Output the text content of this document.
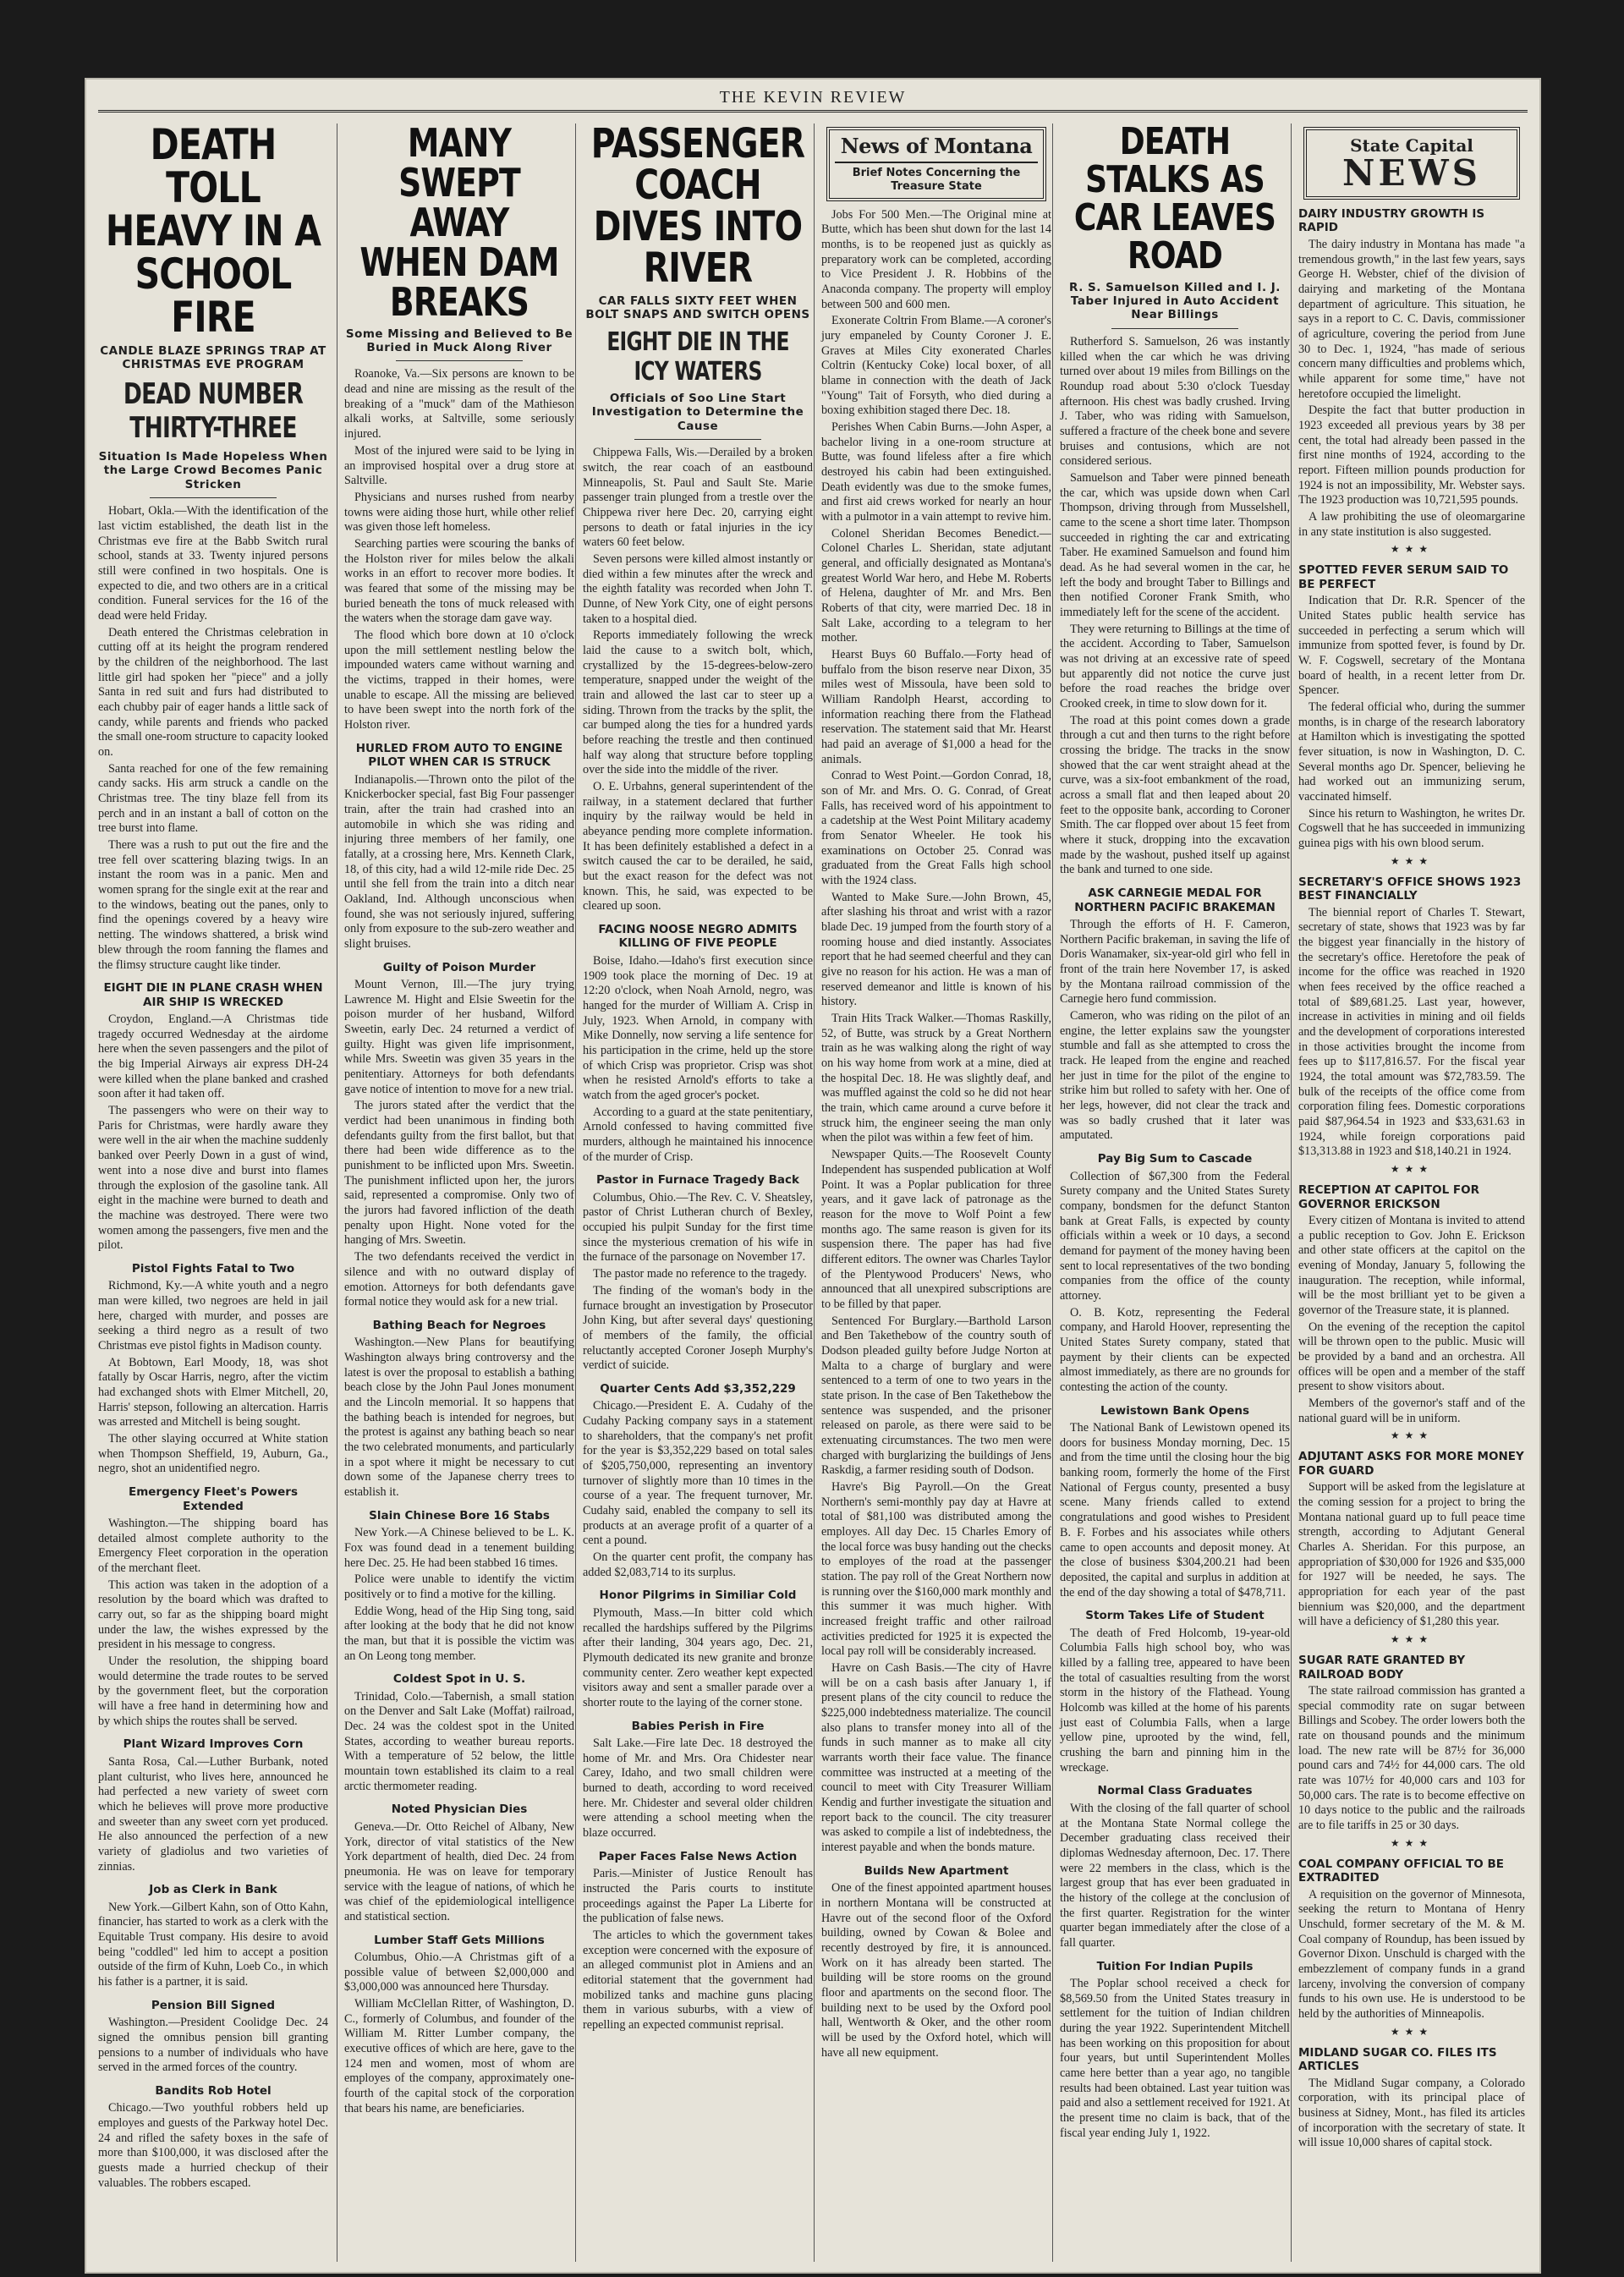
THE KEVIN REVIEW
DEATH TOLL HEAVY IN A SCHOOL FIRE
CANDLE BLAZE SPRINGS TRAP AT CHRISTMAS EVE PROGRAM
DEAD NUMBER THIRTY-THREE
Situation Is Made Hopeless When the Large Crowd Becomes Panic Stricken

Hobart, Okla.—With the identification of the last victim established, the death list in the Christmas eve fire at the Babb Switch rural school, stands at 33. Twenty injured persons still were confined in two hospitals. One is expected to die, and two others are in a critical condition. Funeral services for the 16 of the dead were held Friday.

Death entered the Christmas celebration in cutting off at its height the program rendered by the children of the neighborhood. The last little girl had spoken her "piece" and a jolly Santa in red suit and furs had distributed to each chubby pair of eager hands a little sack of candy, while parents and friends who packed the small one-room structure to capacity looked on.

Santa reached for one of the few remaining candy sacks. His arm struck a candle on the Christmas tree. The tiny blaze fell from its perch and in an instant a ball of cotton on the tree burst into flame.

There was a rush to put out the fire and the tree fell over scattering blazing twigs. In an instant the room was in a panic. Men and women sprang for the single exit at the rear and to the windows, beating out the panes, only to find the openings covered by a heavy wire netting. The windows shattered, a brisk wind blew through the room fanning the flames and the flimsy structure caught like tinder.

EIGHT DIE IN PLANE CRASH WHEN AIR SHIP IS WRECKED

Croydon, England.—A Christmas tide tragedy occurred Wednesday at the airdome here when the seven passengers and the pilot of the big Imperial Airways air express DH-24 were killed when the plane banked and crashed soon after it had taken off.

The passengers who were on their way to Paris for Christmas, were hardly aware they were well in the air when the machine suddenly banked over Peerly Down in a gust of wind, went into a nose dive and burst into flames through the explosion of the gasoline tank. All eight in the machine were burned to death and the machine was destroyed. There were two women among the passengers, five men and the pilot.

Pistol Fights Fatal to Two

Richmond, Ky.—A white youth and a negro man were killed, two negroes are held in jail here, charged with murder, and posses are seeking a third negro as a result of two Christmas eve pistol fights in Madison county.

At Bobtown, Earl Moody, 18, was shot fatally by Oscar Harris, negro, after the victim had exchanged shots with Elmer Mitchell, 20, Harris' stepson, following an altercation. Harris was arrested and Mitchell is being sought.

The other slaying occurred at White station when Thompson Sheffield, 19, Auburn, Ga., negro, shot an unidentified negro.

Emergency Fleet's Powers Extended

Washington.—The shipping board has detailed almost complete authority to the Emergency Fleet corporation in the operation of the merchant fleet.

This action was taken in the adoption of a resolution by the board which was drafted to carry out, so far as the shipping board might under the law, the wishes expressed by the president in his message to congress.

Under the resolution, the shipping board would determine the trade routes to be served by the government fleet, but the corporation will have a free hand in determining how and by which ships the routes shall be served.

Plant Wizard Improves Corn

Santa Rosa, Cal.—Luther Burbank, noted plant culturist, who lives here, announced he had perfected a new variety of sweet corn which he believes will prove more productive and sweeter than any sweet corn yet produced. He also announced the perfection of a new variety of gladiolus and two varieties of zinnias.

Job as Clerk in Bank

New York.—Gilbert Kahn, son of Otto Kahn, financier, has started to work as a clerk with the Equitable Trust company. His desire to avoid being "coddled" led him to accept a position outside of the firm of Kuhn, Loeb Co., in which his father is a partner, it is said.

Pension Bill Signed

Washington.—President Coolidge Dec. 24 signed the omnibus pension bill granting pensions to a number of individuals who have served in the armed forces of the country.

Bandits Rob Hotel

Chicago.—Two youthful robbers held up employes and guests of the Parkway hotel Dec. 24 and rifled the safety boxes in the safe of more than $100,000, it was disclosed after the guests made a hurried checkup of their valuables. The robbers escaped.

MANY SWEPT AWAY WHEN DAM BREAKS
Some Missing and Believed to Be Buried in Muck Along River

Roanoke, Va.—Six persons are known to be dead and nine are missing as the result of the breaking of a "muck" dam of the Mathieson alkali works, at Saltville, some seriously injured.

Most of the injured were said to be lying in an improvised hospital over a drug store at Saltville.

Physicians and nurses rushed from nearby towns were aiding those hurt, while other relief was given those left homeless.

Searching parties were scouring the banks of the Holston river for miles below the alkali works in an effort to recover more bodies. It was feared that some of the missing may be buried beneath the tons of muck released with the waters when the storage dam gave way.

The flood which bore down at 10 o'clock upon the mill settlement nestling below the impounded waters came without warning and the victims, trapped in their homes, were unable to escape. All the missing are believed to have been swept into the north fork of the Holston river.

HURLED FROM AUTO TO ENGINE PILOT WHEN CAR IS STRUCK

Indianapolis.—Thrown onto the pilot of the Knickerbocker special, fast Big Four passenger train, after the train had crashed into an automobile in which she was riding and injuring three members of her family, one fatally, at a crossing here, Mrs. Kenneth Clark, 18, of this city, had a wild 12-mile ride Dec. 25 until she fell from the train into a ditch near Oakland, Ind. Although unconscious when found, she was not seriously injured, suffering only from exposure to the sub-zero weather and slight bruises.

Guilty of Poison Murder

Mount Vernon, Ill.—The jury trying Lawrence M. Hight and Elsie Sweetin for the poison murder of her husband, Wilford Sweetin, early Dec. 24 returned a verdict of guilty. Hight was given life imprisonment, while Mrs. Sweetin was given 35 years in the penitentiary. Attorneys for both defendants gave notice of intention to move for a new trial.

The jurors stated after the verdict that the verdict had been unanimous in finding both defendants guilty from the first ballot, but that there had been wide difference as to the punishment to be inflicted upon Mrs. Sweetin. The punishment inflicted upon her, the jurors said, represented a compromise. Only two of the jurors had favored infliction of the death penalty upon Hight. None voted for the hanging of Mrs. Sweetin.

The two defendants received the verdict in silence and with no outward display of emotion. Attorneys for both defendants gave formal notice they would ask for a new trial.

Bathing Beach for Negroes

Washington.—New Plans for beautifying Washington always bring controversy and the latest is over the proposal to establish a bathing beach close by the John Paul Jones monument and the Lincoln memorial. It so happens that the bathing beach is intended for negroes, but the protest is against any bathing beach so near the two celebrated monuments, and particularly in a spot where it might be necessary to cut down some of the Japanese cherry trees to establish it.

Slain Chinese Bore 16 Stabs

New York.—A Chinese believed to be L. K. Fox was found dead in a tenement building here Dec. 25. He had been stabbed 16 times.

Police were unable to identify the victim positively or to find a motive for the killing.

Eddie Wong, head of the Hip Sing tong, said after looking at the body that he did not know the man, but that it is possible the victim was an On Leong tong member.

Coldest Spot in U. S.

Trinidad, Colo.—Tabernish, a small station on the Denver and Salt Lake (Moffat) railroad, Dec. 24 was the coldest spot in the United States, according to weather bureau reports. With a temperature of 52 below, the little mountain town established its claim to a real arctic thermometer reading.

Noted Physician Dies

Geneva.—Dr. Otto Reichel of Albany, New York, director of vital statistics of the New York department of health, died Dec. 24 from pneumonia. He was on leave for temporary service with the league of nations, of which he was chief of the epidemiological intelligence and statistical section.

Lumber Staff Gets Millions

Columbus, Ohio.—A Christmas gift of a possible value of between $2,000,000 and $3,000,000 was announced here Thursday.

William McClellan Ritter, of Washington, D. C., formerly of Columbus, and founder of the William M. Ritter Lumber company, the executive offices of which are here, gave to the 124 men and women, most of whom are employes of the company, approximately one-fourth of the capital stock of the corporation that bears his name, are beneficiaries.

PASSENGER COACH DIVES INTO RIVER
CAR FALLS SIXTY FEET WHEN BOLT SNAPS AND SWITCH OPENS
EIGHT DIE IN THE ICY WATERS
Officials of Soo Line Start Investigation to Determine the Cause

Chippewa Falls, Wis.—Derailed by a broken switch, the rear coach of an eastbound Minneapolis, St. Paul and Sault Ste. Marie passenger train plunged from a trestle over the Chippewa river here Dec. 20, carrying eight persons to death or fatal injuries in the icy waters 60 feet below.

Seven persons were killed almost instantly or died within a few minutes after the wreck and the eighth fatality was recorded when John T. Dunne, of New York City, one of eight persons taken to a hospital died.

Reports immediately following the wreck laid the cause to a switch bolt, which, crystallized by the 15-degrees-below-zero temperature, snapped under the weight of the train and allowed the last car to steer up a siding. Thrown from the tracks by the split, the car bumped along the ties for a hundred yards before reaching the trestle and then continued half way along that structure before toppling over the side into the middle of the river.

O. E. Urbahns, general superintendent of the railway, in a statement declared that further inquiry by the railway would be held in abeyance pending more complete information. It has been definitely established a defect in a switch caused the car to be derailed, he said, but the exact reason for the defect was not known. This, he said, was expected to be cleared up soon.

FACING NOOSE NEGRO ADMITS KILLING OF FIVE PEOPLE

Boise, Idaho.—Idaho's first execution since 1909 took place the morning of Dec. 19 at 12:20 o'clock, when Noah Arnold, negro, was hanged for the murder of William A. Crisp in July, 1923. When Arnold, in company with Mike Donnelly, now serving a life sentence for his participation in the crime, held up the store of which Crisp was proprietor. Crisp was shot when he resisted Arnold's efforts to take a watch from the aged grocer's pocket.

According to a guard at the state penitentiary, Arnold confessed to having committed five murders, although he maintained his innocence of the murder of Crisp.

Pastor in Furnace Tragedy Back

Columbus, Ohio.—The Rev. C. V. Sheatsley, pastor of Christ Lutheran church of Bexley, occupied his pulpit Sunday for the first time since the mysterious cremation of his wife in the furnace of the parsonage on November 17.

The pastor made no reference to the tragedy.

The finding of the woman's body in the furnace brought an investigation by Prosecutor John King, but after several days' questioning of members of the family, the official reluctantly accepted Coroner Joseph Murphy's verdict of suicide.

Quarter Cents Add $3,352,229

Chicago.—President E. A. Cudahy of the Cudahy Packing company says in a statement to shareholders, that the company's net profit for the year is $3,352,229 based on total sales of $205,750,000, representing an inventory turnover of slightly more than 10 times in the course of a year. The frequent turnover, Mr. Cudahy said, enabled the company to sell its products at an average profit of a quarter of a cent a pound.

On the quarter cent profit, the company has added $2,083,714 to its surplus.

Honor Pilgrims in Similiar Cold

Plymouth, Mass.—In bitter cold which recalled the hardships suffered by the Pilgrims after their landing, 304 years ago, Dec. 21, Plymouth dedicated its new granite and bronze community center. Zero weather kept expected visitors away and sent a smaller parade over a shorter route to the laying of the corner stone.

Babies Perish in Fire

Salt Lake.—Fire late Dec. 18 destroyed the home of Mr. and Mrs. Ora Chidester near Carey, Idaho, and two small children were burned to death, according to word received here. Mr. Chidester and several older children were attending a school meeting when the blaze occurred.

Paper Faces False News Action

Paris.—Minister of Justice Renoult has instructed the Paris courts to institute proceedings against the Paper La Liberte for the publication of false news.

The articles to which the government takes exception were concerned with the exposure of an alleged communist plot in Amiens and an editorial statement that the government had mobilized tanks and machine guns placing them in various suburbs, with a view of repelling an expected communist reprisal.

News of Montana
Brief Notes Concerning the Treasure State

Jobs For 500 Men.—The Original mine at Butte, which has been shut down for the last 14 months, is to be reopened just as quickly as preparatory work can be completed, according to Vice President J. R. Hobbins of the Anaconda company. The property will employ between 500 and 600 men.

Exonerate Coltrin From Blame.—A coroner's jury empaneled by County Coroner J. E. Graves at Miles City exonerated Charles Coltrin (Kentucky Coke) local boxer, of all blame in connection with the death of Jack "Young" Tait of Forsyth, who died during a boxing exhibition staged there Dec. 18.

Perishes When Cabin Burns.—John Asper, a bachelor living in a one-room structure at Butte, was found lifeless after a fire which destroyed his cabin had been extinguished. Death evidently was due to the smoke fumes, and first aid crews worked for nearly an hour with a pulmotor in a vain attempt to revive him.

Colonel Sheridan Becomes Benedict.—Colonel Charles L. Sheridan, state adjutant general, and officially designated as Montana's greatest World War hero, and Hebe M. Roberts of Helena, daughter of Mr. and Mrs. Ben Roberts of that city, were married Dec. 18 in Salt Lake, according to a telegram to her mother.

Hearst Buys 60 Buffalo.—Forty head of buffalo from the bison reserve near Dixon, 35 miles west of Missoula, have been sold to William Randolph Hearst, according to information reaching there from the Flathead reservation. The statement said that Mr. Hearst had paid an average of $1,000 a head for the animals.

Conrad to West Point.—Gordon Conrad, 18, son of Mr. and Mrs. O. G. Conrad, of Great Falls, has received word of his appointment to a cadetship at the West Point Military academy from Senator Wheeler. He took his examinations on October 25. Conrad was graduated from the Great Falls high school with the 1924 class.

Wanted to Make Sure.—John Brown, 45, after slashing his throat and wrist with a razor blade Dec. 19 jumped from the fourth story of a rooming house and died instantly. Associates report that he had seemed cheerful and they can give no reason for his action. He was a man of reserved demeanor and little is known of his history.

Train Hits Track Walker.—Thomas Raskilly, 52, of Butte, was struck by a Great Northern train as he was walking along the right of way on his way home from work at a mine, died at the hospital Dec. 18. He was slightly deaf, and was muffled against the cold so he did not hear the train, which came around a curve before it struck him, the engineer seeing the man only when the pilot was within a few feet of him.

Newspaper Quits.—The Roosevelt County Independent has suspended publication at Wolf Point. It was a Poplar publication for three years, and it gave lack of patronage as the reason for the move to Wolf Point a few months ago. The same reason is given for its suspension there. The paper has had five different editors. The owner was Charles Taylor of the Plentywood Producers' News, who announced that all unexpired subscriptions are to be filled by that paper.

Sentenced For Burglary.—Barthold Larson and Ben Takethebow of the country south of Dodson pleaded guilty before Judge Norton at Malta to a charge of burglary and were sentenced to a term of one to two years in the state prison. In the case of Ben Takethebow the sentence was suspended, and the prisoner released on parole, as there were said to be extenuating circumstances. The two men were charged with burglarizing the buildings of Jens Raskdig, a farmer residing south of Dodson.

Havre's Big Payroll.—On the Great Northern's semi-monthly pay day at Havre at total of $81,100 was distributed among the employes. All day Dec. 15 Charles Emory of the local force was busy handing out the checks to employes of the road at the passenger station. The pay roll of the Great Northern now is running over the $160,000 mark monthly and this summer it was much higher. With increased freight traffic and other railroad activities predicted for 1925 it is expected the local pay roll will be considerably increased.

Havre on Cash Basis.—The city of Havre will be on a cash basis after January 1, if present plans of the city council to reduce the $225,000 indebtedness materialize. The council also plans to transfer money into all of the funds in such manner as to make all city warrants worth their face value. The finance committee was instructed at a meeting of the council to meet with City Treasurer William Kendig and further investigate the situation and report back to the council. The city treasurer was asked to compile a list of indebtedness, the interest payable and when the bonds mature.

Builds New Apartment

One of the finest appointed apartment houses in northern Montana will be constructed at Havre out of the second floor of the Oxford building, owned by Cowan & Bolee and recently destroyed by fire, it is announced. Work on it has already been started. The building will be store rooms on the ground floor and apartments on the second floor. The building next to be used by the Oxford pool hall, Wentworth & Oker, and the other room will be used by the Oxford hotel, which will have all new equipment.

DEATH STALKS AS CAR LEAVES ROAD
R. S. Samuelson Killed and I. J. Taber Injured in Auto Accident Near Billings

Rutherford S. Samuelson, 26 was instantly killed when the car which he was driving turned over about 19 miles from Billings on the Roundup road about 5:30 o'clock Tuesday afternoon. His chest was badly crushed. Irving J. Taber, who was riding with Samuelson, suffered a fracture of the cheek bone and severe bruises and contusions, which are not considered serious.

Samuelson and Taber were pinned beneath the car, which was upside down when Carl Thompson, driving through from Musselshell, came to the scene a short time later. Thompson succeeded in righting the car and extricating Taber. He examined Samuelson and found him dead. As he had several women in the car, he left the body and brought Taber to Billings and then notified Coroner Frank Smith, who immediately left for the scene of the accident.

They were returning to Billings at the time of the accident. According to Taber, Samuelson was not driving at an excessive rate of speed but apparently did not notice the curve just before the road reaches the bridge over Crooked creek, in time to slow down for it.

The road at this point comes down a grade through a cut and then turns to the right before crossing the bridge. The tracks in the snow showed that the car went straight ahead at the curve, was a six-foot embankment of the road, across a small flat and then leaped about 20 feet to the opposite bank, according to Coroner Smith. The car flopped over about 15 feet from where it stuck, dropping into the excavation made by the washout, pushed itself up against the bank and turned to one side.

ASK CARNEGIE MEDAL FOR NORTHERN PACIFIC BRAKEMAN

Through the efforts of H. F. Cameron, Northern Pacific brakeman, in saving the life of Doris Wanamaker, six-year-old girl who fell in front of the train here November 17, is asked by the Montana railroad commission of the Carnegie hero fund commission.

Cameron, who was riding on the pilot of an engine, the letter explains saw the youngster stumble and fall as she attempted to cross the track. He leaped from the engine and reached her just in time for the pilot of the engine to strike him but rolled to safety with her. One of her legs, however, did not clear the track and was so badly crushed that it later was amputated.

Pay Big Sum to Cascade

Collection of $67,300 from the Federal Surety company and the United States Surety company, bondsmen for the defunct Stanton bank at Great Falls, is expected by county officials within a week or 10 days, a second demand for payment of the money having been sent to local representatives of the two bonding companies from the office of the county attorney.

O. B. Kotz, representing the Federal company, and Harold Hoover, representing the United States Surety company, stated that payment by their clients can be expected almost immediately, as there are no grounds for contesting the action of the county.

Lewistown Bank Opens

The National Bank of Lewistown opened its doors for business Monday morning, Dec. 15 and from the time until the closing hour the big banking room, formerly the home of the First National of Fergus county, presented a busy scene. Many friends called to extend congratulations and good wishes to President B. F. Forbes and his associates while others came to open accounts and deposit money. At the close of business $304,200.21 had been deposited, the capital and surplus in addition at the end of the day showing a total of $478,711.

Storm Takes Life of Student

The death of Fred Holcomb, 19-year-old Columbia Falls high school boy, who was killed by a falling tree, appeared to have been the total of casualties resulting from the worst storm in the history of the Flathead. Young Holcomb was killed at the home of his parents just east of Columbia Falls, when a large yellow pine, uprooted by the wind, fell, crushing the barn and pinning him in the wreckage.

Normal Class Graduates

With the closing of the fall quarter of school at the Montana State Normal college the December graduating class received their diplomas Wednesday afternoon, Dec. 17. There were 22 members in the class, which is the largest group that has ever been graduated in the history of the college at the conclusion of the first quarter. Registration for the winter quarter began immediately after the close of a fall quarter.

Tuition For Indian Pupils

The Poplar school received a check for $8,569.50 from the United States treasury in settlement for the tuition of Indian children during the year 1922. Superintendent Mitchell has been working on this proposition for about four years, but until Superintendent Molles came here better than a year ago, no tangible results had been obtained. Last year tuition was paid and also a settlement received for 1921. At the present time no claim is back, that of the fiscal year ending July 1, 1922.

State Capital
NEWS
DAIRY INDUSTRY GROWTH IS RAPID

The dairy industry in Montana has made "a tremendous growth," in the last few years, says George H. Webster, chief of the division of dairying and marketing of the Montana department of agriculture. This situation, he says in a report to C. C. Davis, commissioner of agriculture, covering the period from June 30 to Dec. 1, 1924, "has made of serious concern many difficulties and problems which, while apparent for some time," have not heretofore occupied the limelight.

Despite the fact that butter production in 1923 exceeded all previous years by 38 per cent, the total had already been passed in the first nine months of 1924, according to the report. Fifteen million pounds production for 1924 is not an impossibility, Mr. Webster says. The 1923 production was 10,721,595 pounds.

A law prohibiting the use of oleomargarine in any state institution is also suggested.

★★★
SPOTTED FEVER SERUM SAID TO BE PERFECT

Indication that Dr. R.R. Spencer of the United States public health service has succeeded in perfecting a serum which will immunize from spotted fever, is found by Dr. W. F. Cogswell, secretary of the Montana board of health, in a recent letter from Dr. Spencer.

The federal official who, during the summer months, is in charge of the research laboratory at Hamilton which is investigating the spotted fever situation, is now in Washington, D. C. Several months ago Dr. Spencer, believing he had worked out an immunizing serum, vaccinated himself.

Since his return to Washington, he writes Dr. Cogswell that he has succeeded in immunizing guinea pigs with his own blood serum.

★★★
SECRETARY'S OFFICE SHOWS 1923 BEST FINANCIALLY

The biennial report of Charles T. Stewart, secretary of state, shows that 1923 was by far the biggest year financially in the history of the secretary's office. Heretofore the peak of income for the office was reached in 1920 when fees received by the office reached a total of $89,681.25. Last year, however, increase in activities in mining and oil fields and the development of corporations interested in those activities brought the income from fees up to $117,816.57. For the fiscal year 1924, the total amount was $72,783.59. The bulk of the receipts of the office come from corporation filing fees. Domestic corporations paid $87,964.54 in 1923 and $33,631.63 in 1924, while foreign corporations paid $13,313.88 in 1923 and $18,140.21 in 1924.

★★★
RECEPTION AT CAPITOL FOR GOVERNOR ERICKSON

Every citizen of Montana is invited to attend a public reception to Gov. John E. Erickson and other state officers at the capitol on the evening of Monday, January 5, following the inauguration. The reception, while informal, will be the most brilliant yet to be given a governor of the Treasure state, it is planned.

On the evening of the reception the capitol will be thrown open to the public. Music will be provided by a band and an orchestra. All offices will be open and a member of the staff present to show visitors about.

Members of the governor's staff and of the national guard will be in uniform.

★★★
ADJUTANT ASKS FOR MORE MONEY FOR GUARD

Support will be asked from the legislature at the coming session for a project to bring the Montana national guard up to full peace time strength, according to Adjutant General Charles A. Sheridan. For this purpose, an appropriation of $30,000 for 1926 and $35,000 for 1927 will be needed, he says. The appropriation for each year of the past biennium was $20,000, and the department will have a deficiency of $1,280 this year.

★★★
SUGAR RATE GRANTED BY RAILROAD BODY

The state railroad commission has granted a special commodity rate on sugar between Billings and Scobey. The order lowers both the rate on thousand pounds and the minimum load. The new rate will be 87½ for 36,000 pound cars and 74½ for 44,000 cars. The old rate was 107½ for 40,000 cars and 103 for 50,000 cars. The rate is to become effective on 10 days notice to the public and the railroads are to file tariffs in 25 or 30 days.

★★★
COAL COMPANY OFFICIAL TO BE EXTRADITED

A requisition on the governor of Minnesota, seeking the return to Montana of Henry Unschuld, former secretary of the M. & M. Coal company of Roundup, has been issued by Governor Dixon. Unschuld is charged with the embezzlement of company funds in a grand larceny, involving the conversion of company funds to his own use. He is understood to be held by the authorities of Minneapolis.

★★★
MIDLAND SUGAR CO. FILES ITS ARTICLES

The Midland Sugar company, a Colorado corporation, with its principal place of business at Sidney, Mont., has filed its articles of incorporation with the secretary of state. It will issue 10,000 shares of capital stock.
